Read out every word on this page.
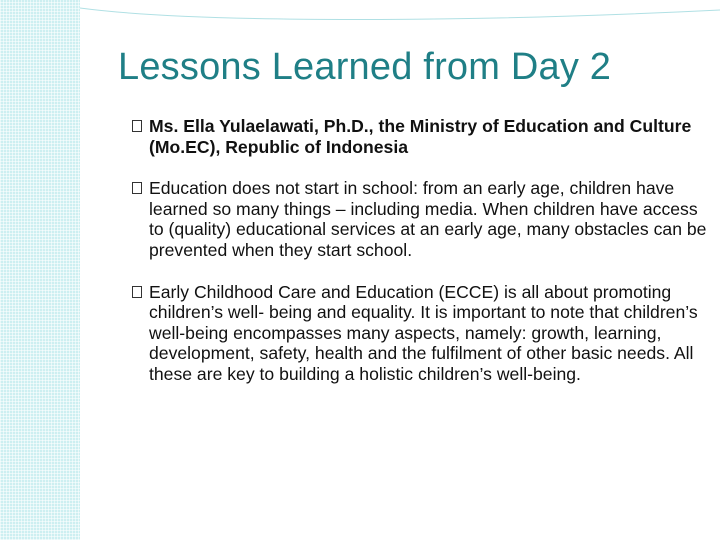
Lessons Learned from Day 2
Ms. Ella Yulaelawati, Ph.D., the Ministry of Education and Culture (Mo.EC), Republic of Indonesia
Education does not start in school: from an early age, children have learned so many things – including media. When children have access to (quality) educational services at an early age, many obstacles can be prevented when they start school.
Early Childhood Care and Education (ECCE) is all about promoting children’s well- being and equality. It is important to note that children’s well-being encompasses many aspects, namely: growth, learning, development, safety, health and the fulfilment of other basic needs. All these are key to building a holistic children’s well-being.
